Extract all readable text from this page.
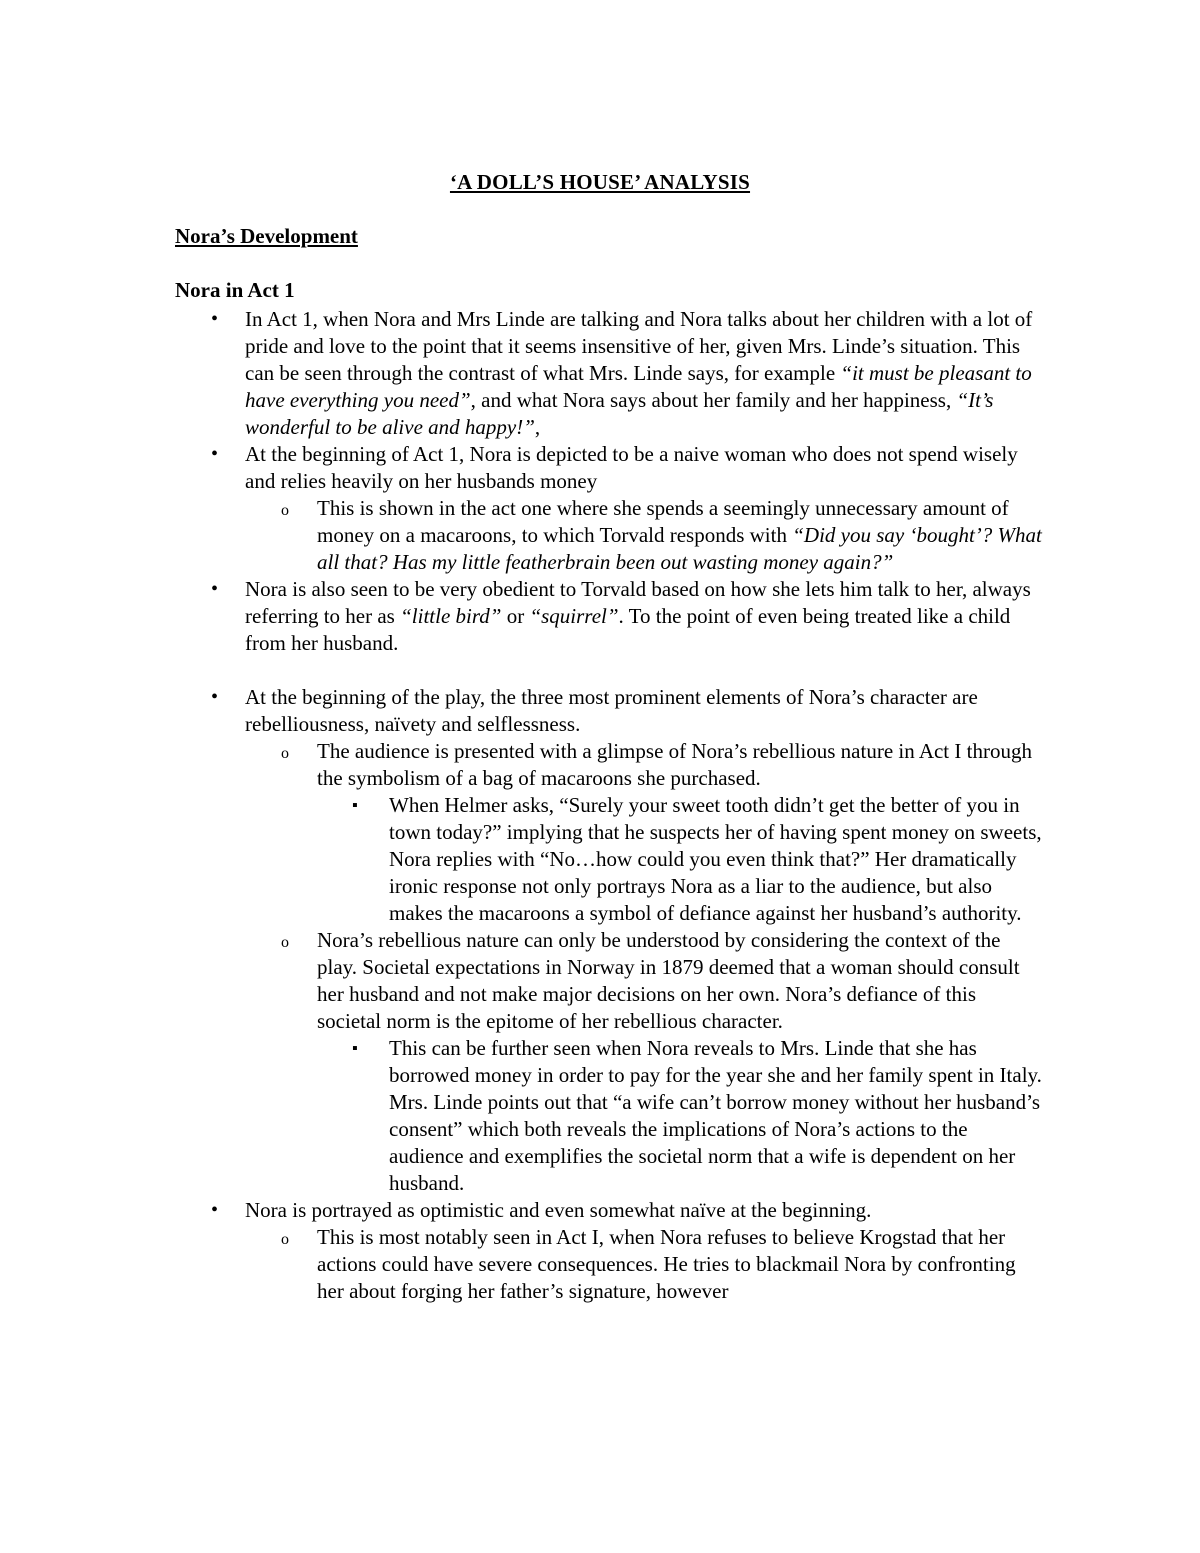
‘A DOLL’S HOUSE’ ANALYSIS
Nora’s Development
Nora in Act 1
• In Act 1, when Nora and Mrs Linde are talking and Nora talks about her children with a lot of pride and love to the point that it seems insensitive of her, given Mrs. Linde’s situation. This can be seen through the contrast of what Mrs. Linde says, for example “it must be pleasant to have everything you need”, and what Nora says about her family and her happiness, “It’s wonderful to be alive and happy!”,
• At the beginning of Act 1, Nora is depicted to be a naive woman who does not spend wisely and relies heavily on her husbands money
o This is shown in the act one where she spends a seemingly unnecessary amount of money on a macaroons, to which Torvald responds with “Did you say ‘bought’? What all that? Has my little featherbrain been out wasting money again?”
• Nora is also seen to be very obedient to Torvald based on how she lets him talk to her, always referring to her as “little bird” or “squirrel”. To the point of even being treated like a child from her husband.
• At the beginning of the play, the three most prominent elements of Nora’s character are rebelliousness, naïvety and selflessness.
o The audience is presented with a glimpse of Nora’s rebellious nature in Act I through the symbolism of a bag of macaroons she purchased.
▪ When Helmer asks, “Surely your sweet tooth didn’t get the better of you in town today?” implying that he suspects her of having spent money on sweets, Nora replies with “No…how could you even think that?” Her dramatically ironic response not only portrays Nora as a liar to the audience, but also makes the macaroons a symbol of defiance against her husband’s authority.
o Nora’s rebellious nature can only be understood by considering the context of the play. Societal expectations in Norway in 1879 deemed that a woman should consult her husband and not make major decisions on her own. Nora’s defiance of this societal norm is the epitome of her rebellious character.
▪ This can be further seen when Nora reveals to Mrs. Linde that she has borrowed money in order to pay for the year she and her family spent in Italy. Mrs. Linde points out that “a wife can’t borrow money without her husband’s consent” which both reveals the implications of Nora’s actions to the audience and exemplifies the societal norm that a wife is dependent on her husband.
• Nora is portrayed as optimistic and even somewhat naïve at the beginning.
o This is most notably seen in Act I, when Nora refuses to believe Krogstad that her actions could have severe consequences. He tries to blackmail Nora by confronting her about forging her father’s signature, however
